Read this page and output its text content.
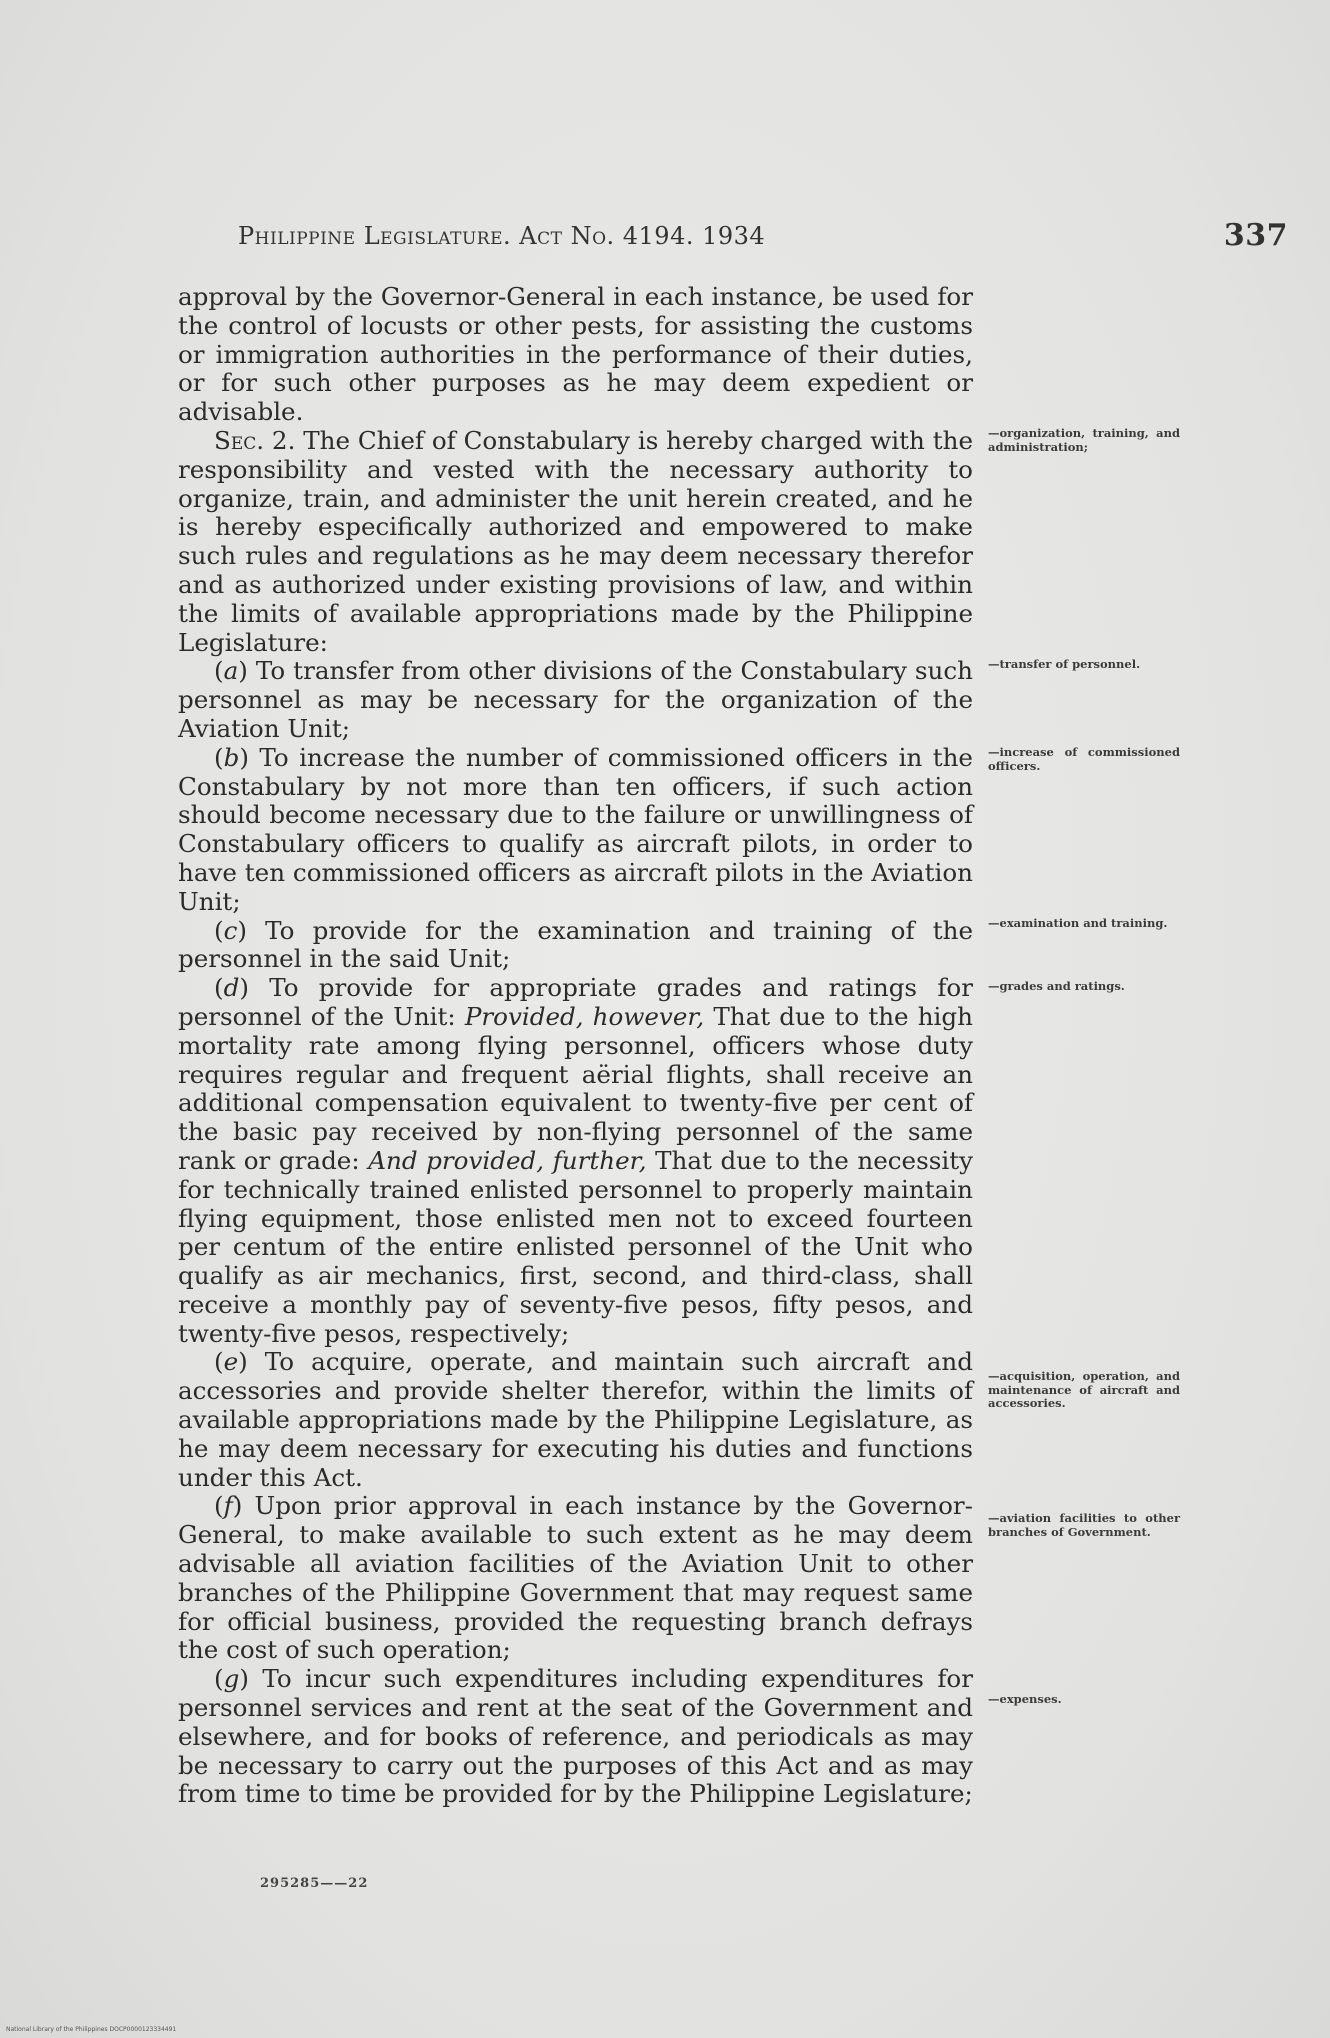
Philippine Legislature. Act No. 4194. 1934	337

approval by the Governor-General in each instance, be used for the control of locusts or other pests, for assisting the customs or immigration authorities in the performance of their duties, or for such other purposes as he may deem expedient or advisable.

Sec. 2. The Chief of Constabulary is hereby charged with the responsibility and vested with the necessary authority to organize, train, and administer the unit herein created, and he is hereby especifically authorized and empowered to make such rules and regulations as he may deem necessary therefor and as authorized under existing provisions of law, and within the limits of available appropriations made by the Philippine Legislature:

(a) To transfer from other divisions of the Constabulary such personnel as may be necessary for the organization of the Aviation Unit;

(b) To increase the number of commissioned officers in the Constabulary by not more than ten officers, if such action should become necessary due to the failure or unwillingness of Constabulary officers to qualify as aircraft pilots, in order to have ten commissioned officers as aircraft pilots in the Aviation Unit;

(c) To provide for the examination and training of the personnel in the said Unit;

(d) To provide for appropriate grades and ratings for personnel of the Unit: Provided, however, That due to the high mortality rate among flying personnel, officers whose duty requires regular and frequent aërial flights, shall receive an additional compensation equivalent to twenty-five per cent of the basic pay received by non-flying personnel of the same rank or grade: And provided, further, That due to the necessity for technically trained enlisted personnel to properly maintain flying equipment, those enlisted men not to exceed fourteen per centum of the entire enlisted personnel of the Unit who qualify as air mechanics, first, second, and third-class, shall receive a monthly pay of seventy-five pesos, fifty pesos, and twenty-five pesos, respectively;

(e) To acquire, operate, and maintain such aircraft and accessories and provide shelter therefor, within the limits of available appropriations made by the Philippine Legislature, as he may deem necessary for executing his duties and functions under this Act.

(f) Upon prior approval in each instance by the Governor-General, to make available to such extent as he may deem advisable all aviation facilities of the Aviation Unit to other branches of the Philippine Government that may request same for official business, provided the requesting branch defrays the cost of such operation;

(g) To incur such expenditures including expenditures for personnel services and rent at the seat of the Government and elsewhere, and for books of reference, and periodicals as may be necessary to carry out the purposes of this Act and as may from time to time be provided for by the Philippine Legislature;

—organization, training, and administration;
—transfer of personnel.
—increase of commissioned officers.
—examination and training.
—grades and ratings.
—acquisition, operation, and maintenance of aircraft and accessories.
—aviation facilities to other branches of Government.
—expenses.
295285——22
National Library of the Philippines DOCP0000123334491
